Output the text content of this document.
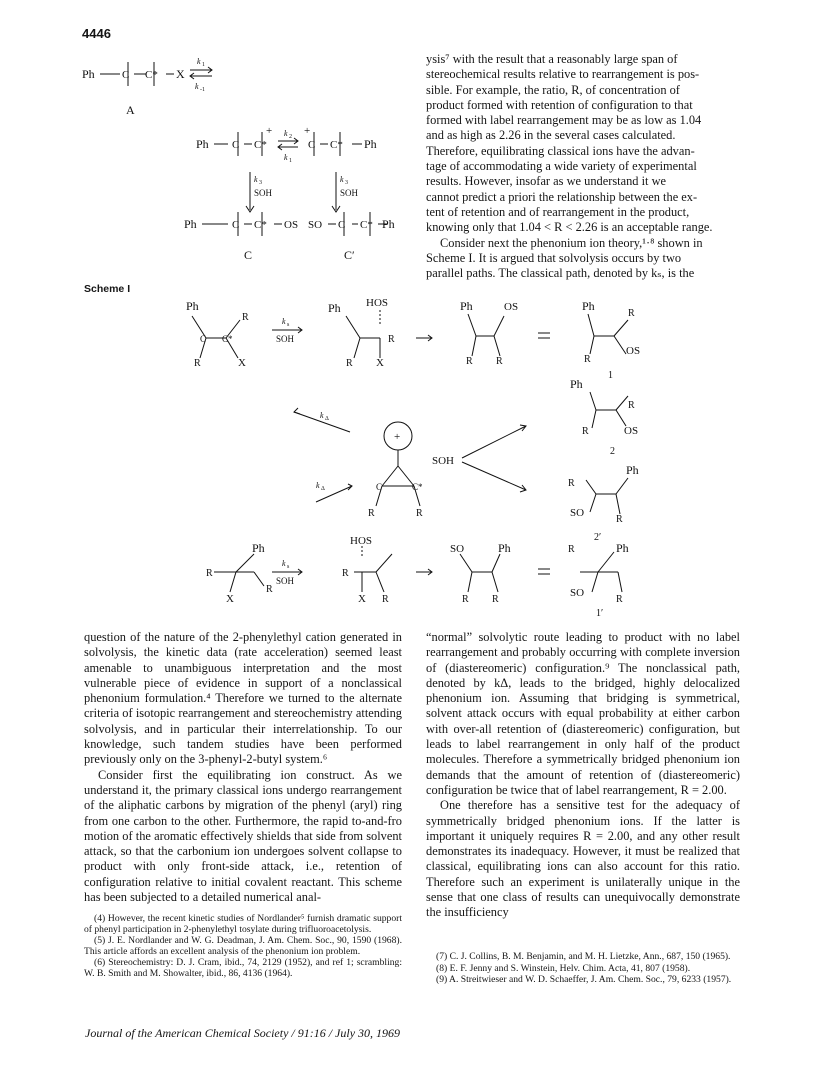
4446
Ph C C* X
k 1
k -1
A
Ph C C*
+ k 2
k 1
+
C C* Ph
k 3
SOH
k 3
SOH
Ph	C C* OS
C
SO C C* Ph
C′

ysis⁷ with the result that a reasonably large span of

stereochemical results relative to rearrangement is pos-

sible. For example, the ratio, R, of concentration of

product formed with retention of configuration to that

formed with label rearrangement may be as low as 1.04

and as high as 2.26 in the several cases calculated.

Therefore, equilibrating classical ions have the advan-

tage of accommodating a wide variety of experimental

results. However, insofar as we understand it we

cannot predict a priori the relationship between the ex-

tent of retention and of rearrangement in the product,

knowing only that 1.04 < R < 2.26 is an acceptable range.

Consider next the phenonium ion theory,¹·⁸ shown in

Scheme I. It is argued that solvolysis occurs by two

parallel paths. The classical path, denoted by kₛ, is the

Scheme I
Ph
R
X
R
C C*
k s
SOH
Ph HOS
R
X
R
Ph	OS
R R
Ph
R
OS
R
1
Ph
R
OS
R
2
k Δ
k Δ
+
C	C*
R	R
SOH
Ph
R
SO
R
2′
R
Ph
X
R
k s
SOH
HOS
R
X R
SO	Ph
R R
R	Ph
SO
R
1′

question of the nature of the 2-phenylethyl cation generated in solvolysis, the kinetic data (rate acceleration) seemed least amenable to unambiguous interpretation and the most vulnerable piece of evidence in support of a nonclassical phenonium formulation.⁴ Therefore we turned to the alternate criteria of isotopic rearrangement and stereochemistry attending solvolysis, and in particular their interrelationship. To our knowledge, such tandem studies have been performed previously only on the 3-phenyl-2-butyl system.⁶

Consider first the equilibrating ion construct. As we understand it, the primary classical ions undergo rearrangement of the aliphatic carbons by migration of the phenyl (aryl) ring from one carbon to the other. Furthermore, the rapid to-and-fro motion of the aromatic effectively shields that side from solvent attack, so that the carbonium ion undergoes solvent collapse to product with only front-side attack, i.e., retention of configuration relative to initial covalent reactant. This scheme has been subjected to a detailed numerical anal-

(4) However, the recent kinetic studies of Nordlander⁵ furnish dramatic support of phenyl participation in 2-phenylethyl tosylate during trifluoroacetolysis.

(5) J. E. Nordlander and W. G. Deadman, J. Am. Chem. Soc., 90, 1590 (1968). This article affords an excellent analysis of the phenonium ion problem.

(6) Stereochemistry: D. J. Cram, ibid., 74, 2129 (1952), and ref 1; scrambling: W. B. Smith and M. Showalter, ibid., 86, 4136 (1964).

“normal” solvolytic route leading to product with no label rearrangement and probably occurring with complete inversion of (diastereomeric) configuration.⁹ The nonclassical path, denoted by kΔ, leads to the bridged, highly delocalized phenonium ion. Assuming that bridging is symmetrical, solvent attack occurs with equal probability at either carbon with over-all retention of (diastereomeric) configuration, but leads to label rearrangement in only half of the product molecules. Therefore a symmetrically bridged phenonium ion demands that the amount of retention of (diastereomeric) configuration be twice that of label rearrangement, R = 2.00.

One therefore has a sensitive test for the adequacy of symmetrically bridged phenonium ions. If the latter is important it uniquely requires R = 2.00, and any other result demonstrates its inadequacy. However, it must be realized that classical, equilibrating ions can also account for this ratio. Therefore such an experiment is unilaterally unique in the sense that one class of results can unequivocally demonstrate the insufficiency

(7) C. J. Collins, B. M. Benjamin, and M. H. Lietzke, Ann., 687, 150 (1965).

(8) E. F. Jenny and S. Winstein, Helv. Chim. Acta, 41, 807 (1958).

(9) A. Streitwieser and W. D. Schaeffer, J. Am. Chem. Soc., 79, 6233 (1957).

Journal of the American Chemical Society / 91:16 / July 30, 1969
